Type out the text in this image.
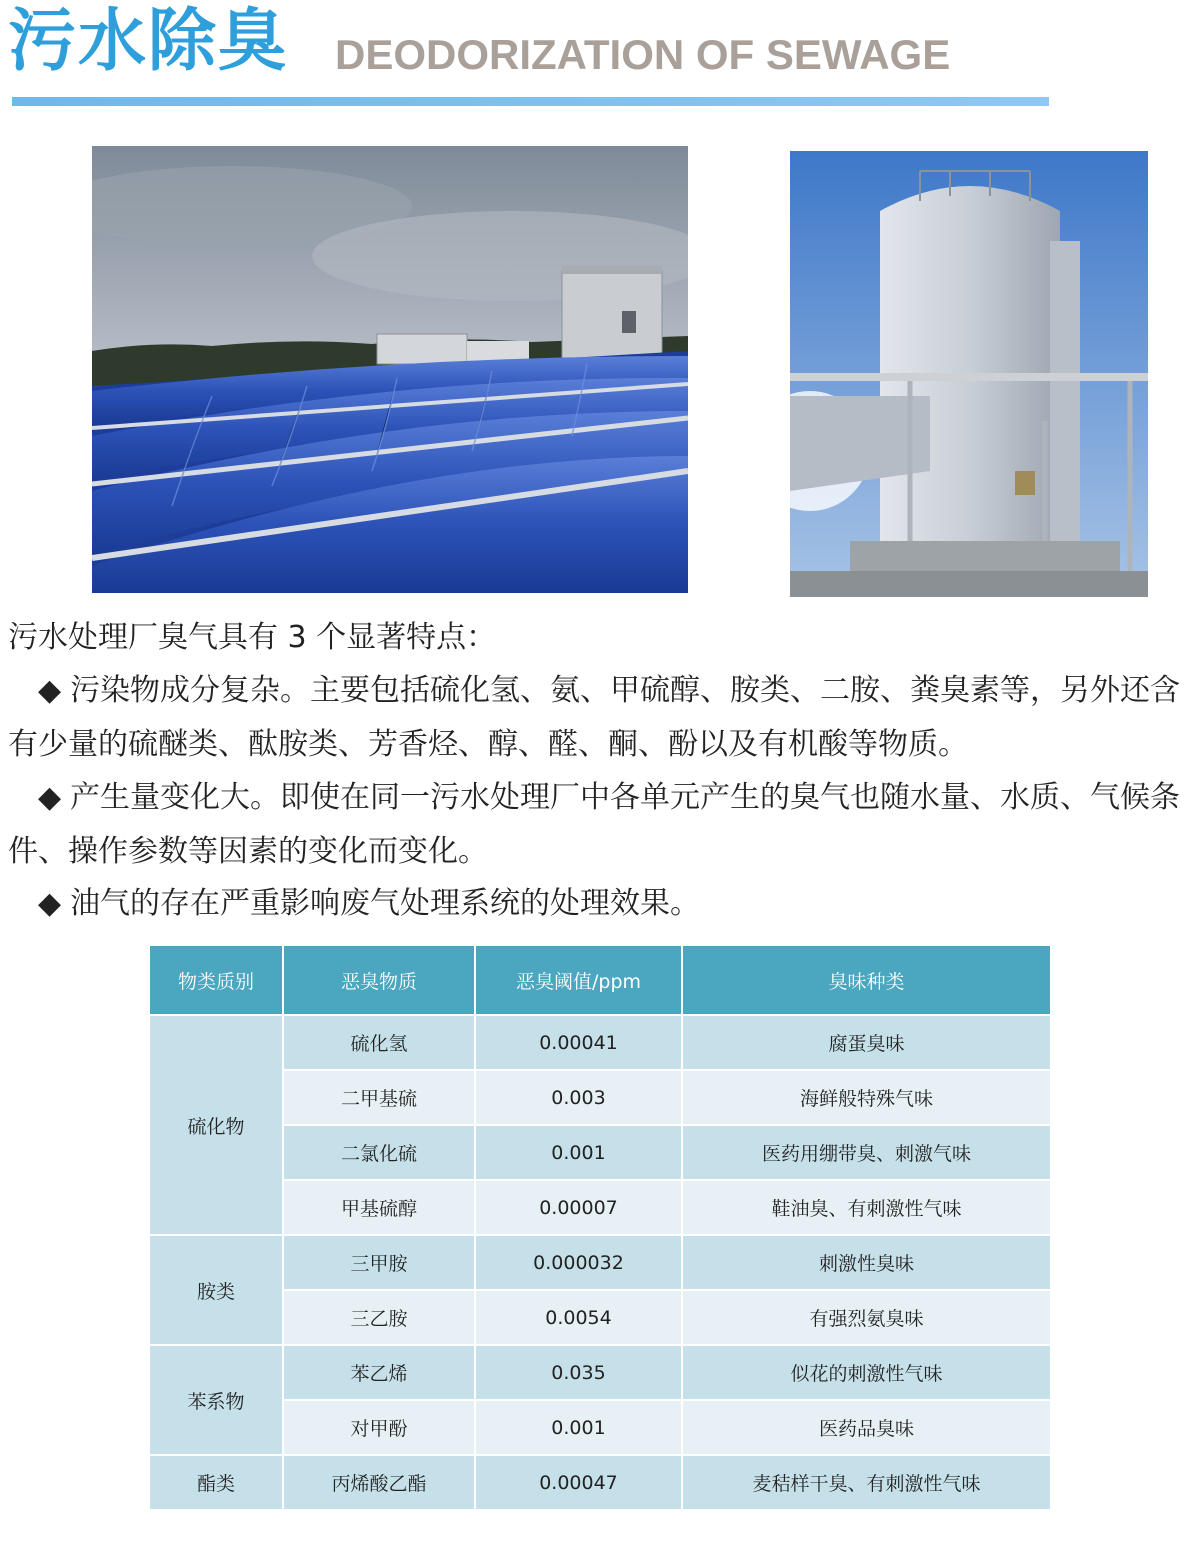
污水除臭 DEODORIZATION OF SEWAGE
污水处理厂臭气具有 3 个显著特点：
◆ 污染物成分复杂。主要包括硫化氢、氨、甲硫醇、胺类、二胺、粪臭素等，另外还含有少量的硫醚类、酞胺类、芳香烃、醇、醛、酮、酚以及有机酸等物质。
◆ 产生量变化大。即使在同一污水处理厂中各单元产生的臭气也随水量、水质、气候条件、操作参数等因素的变化而变化。
◆ 油气的存在严重影响废气处理系统的处理效果。
物类质别	恶臭物质	恶臭阈值/ppm	臭味种类
硫化物	硫化氢	0.00041	腐蛋臭味
	二甲基硫	0.003	海鲜般特殊气味
	二氯化硫	0.001	医药用绷带臭、刺激气味
	甲基硫醇	0.00007	鞋油臭、有刺激性气味
胺类	三甲胺	0.000032	刺激性臭味
	三乙胺	0.0054	有强烈氨臭味
苯系物	苯乙烯	0.035	似花的刺激性气味
	对甲酚	0.001	医药品臭味
酯类	丙烯酸乙酯	0.00047	麦秸样干臭、有刺激性气味
